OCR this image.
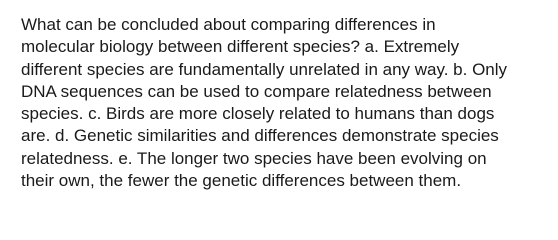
What can be concluded about comparing differences in
molecular biology between different species? a. Extremely
different species are fundamentally unrelated in any way. b. Only
DNA sequences can be used to compare relatedness between
species. c. Birds are more closely related to humans than dogs
are. d. Genetic similarities and differences demonstrate species
relatedness. e. The longer two species have been evolving on
their own, the fewer the genetic differences between them.
